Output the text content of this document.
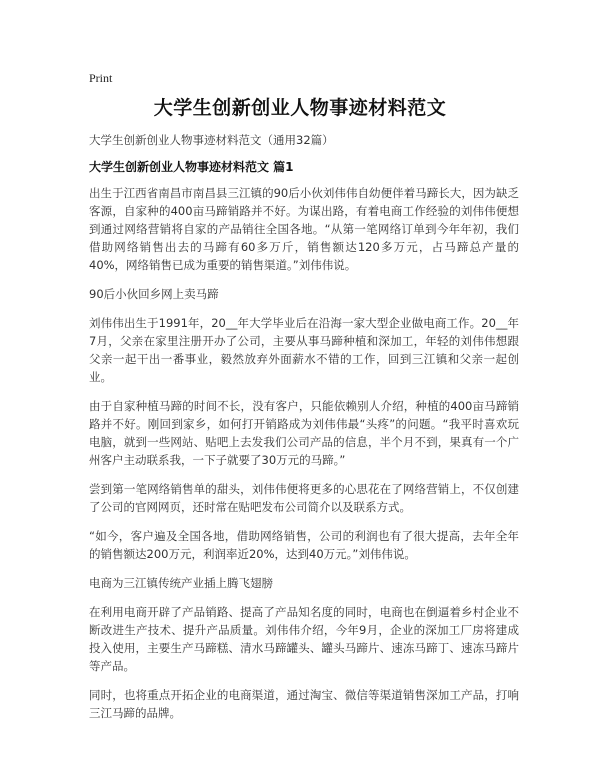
Print
大学生创新创业人物事迹材料范文
大学生创新创业人物事迹材料范文（通用32篇）
大学生创新创业人物事迹材料范文 篇1

出生于江西省南昌市南昌县三江镇的90后小伙刘伟伟自幼便伴着马蹄长大，因为缺乏客源，自家种的400亩马蹄销路并不好。为谋出路，有着电商工作经验的刘伟伟便想到通过网络营销将自家的产品销往全国各地。“从第一笔网络订单到今年年初，我们借助网络销售出去的马蹄有60多万斤，销售额达120多万元，占马蹄总产量的40%，网络销售已成为重要的销售渠道。”刘伟伟说。

90后小伙回乡网上卖马蹄

刘伟伟出生于1991年，20__年大学毕业后在沿海一家大型企业做电商工作。20__年7月，父亲在家里注册开办了公司，主要从事马蹄种植和深加工，年轻的刘伟伟想跟父亲一起干出一番事业，毅然放弃外面薪水不错的工作，回到三江镇和父亲一起创业。

由于自家种植马蹄的时间不长，没有客户，只能依赖别人介绍，种植的400亩马蹄销路并不好。刚回到家乡，如何打开销路成为刘伟伟最“头疼”的问题。“我平时喜欢玩电脑，就到一些网站、贴吧上去发我们公司产品的信息，半个月不到，果真有一个广州客户主动联系我，一下子就要了30万元的马蹄。”

尝到第一笔网络销售单的甜头，刘伟伟便将更多的心思花在了网络营销上，不仅创建了公司的官网网页，还时常在贴吧发布公司简介以及联系方式。

“如今，客户遍及全国各地，借助网络销售，公司的利润也有了很大提高，去年全年的销售额达200万元，利润率近20%，达到40万元。”刘伟伟说。

电商为三江镇传统产业插上腾飞翅膀

在利用电商开辟了产品销路、提高了产品知名度的同时，电商也在倒逼着乡村企业不断改进生产技术、提升产品质量。刘伟伟介绍，今年9月，企业的深加工厂房将建成投入使用，主要生产马蹄糕、清水马蹄罐头、罐头马蹄片、速冻马蹄丁、速冻马蹄片等产品。

同时，也将重点开拓企业的电商渠道，通过淘宝、微信等渠道销售深加工产品，打响三江马蹄的品牌。
